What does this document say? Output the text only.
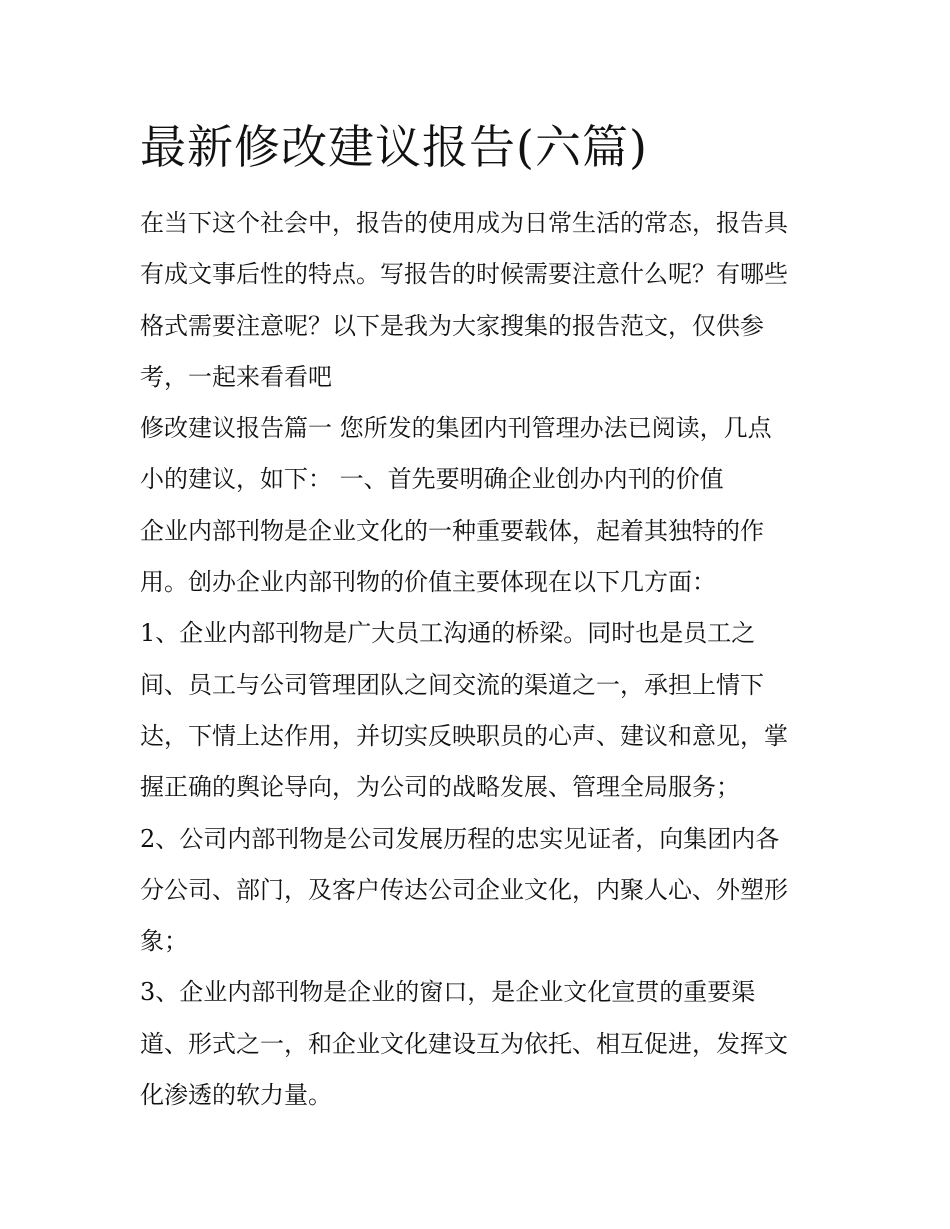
最新修改建议报告(六篇)

在当下这个社会中，报告的使用成为日常生活的常态，报告具

有成文事后性的特点。写报告的时候需要注意什么呢？有哪些

格式需要注意呢？以下是我为大家搜集的报告范文，仅供参

考，一起来看看吧

修改建议报告篇一 您所发的集团内刊管理办法已阅读，几点

小的建议，如下： 一、首先要明确企业创办内刊的价值

企业内部刊物是企业文化的一种重要载体，起着其独特的作

用。创办企业内部刊物的价值主要体现在以下几方面：

1、企业内部刊物是广大员工沟通的桥梁。同时也是员工之

间、员工与公司管理团队之间交流的渠道之一，承担上情下

达，下情上达作用，并切实反映职员的心声、建议和意见，掌

握正确的舆论导向，为公司的战略发展、管理全局服务；

2、公司内部刊物是公司发展历程的忠实见证者，向集团内各

分公司、部门，及客户传达公司企业文化，内聚人心、外塑形

象；

3、企业内部刊物是企业的窗口，是企业文化宣贯的重要渠

道、形式之一，和企业文化建设互为依托、相互促进，发挥文

化渗透的软力量。
